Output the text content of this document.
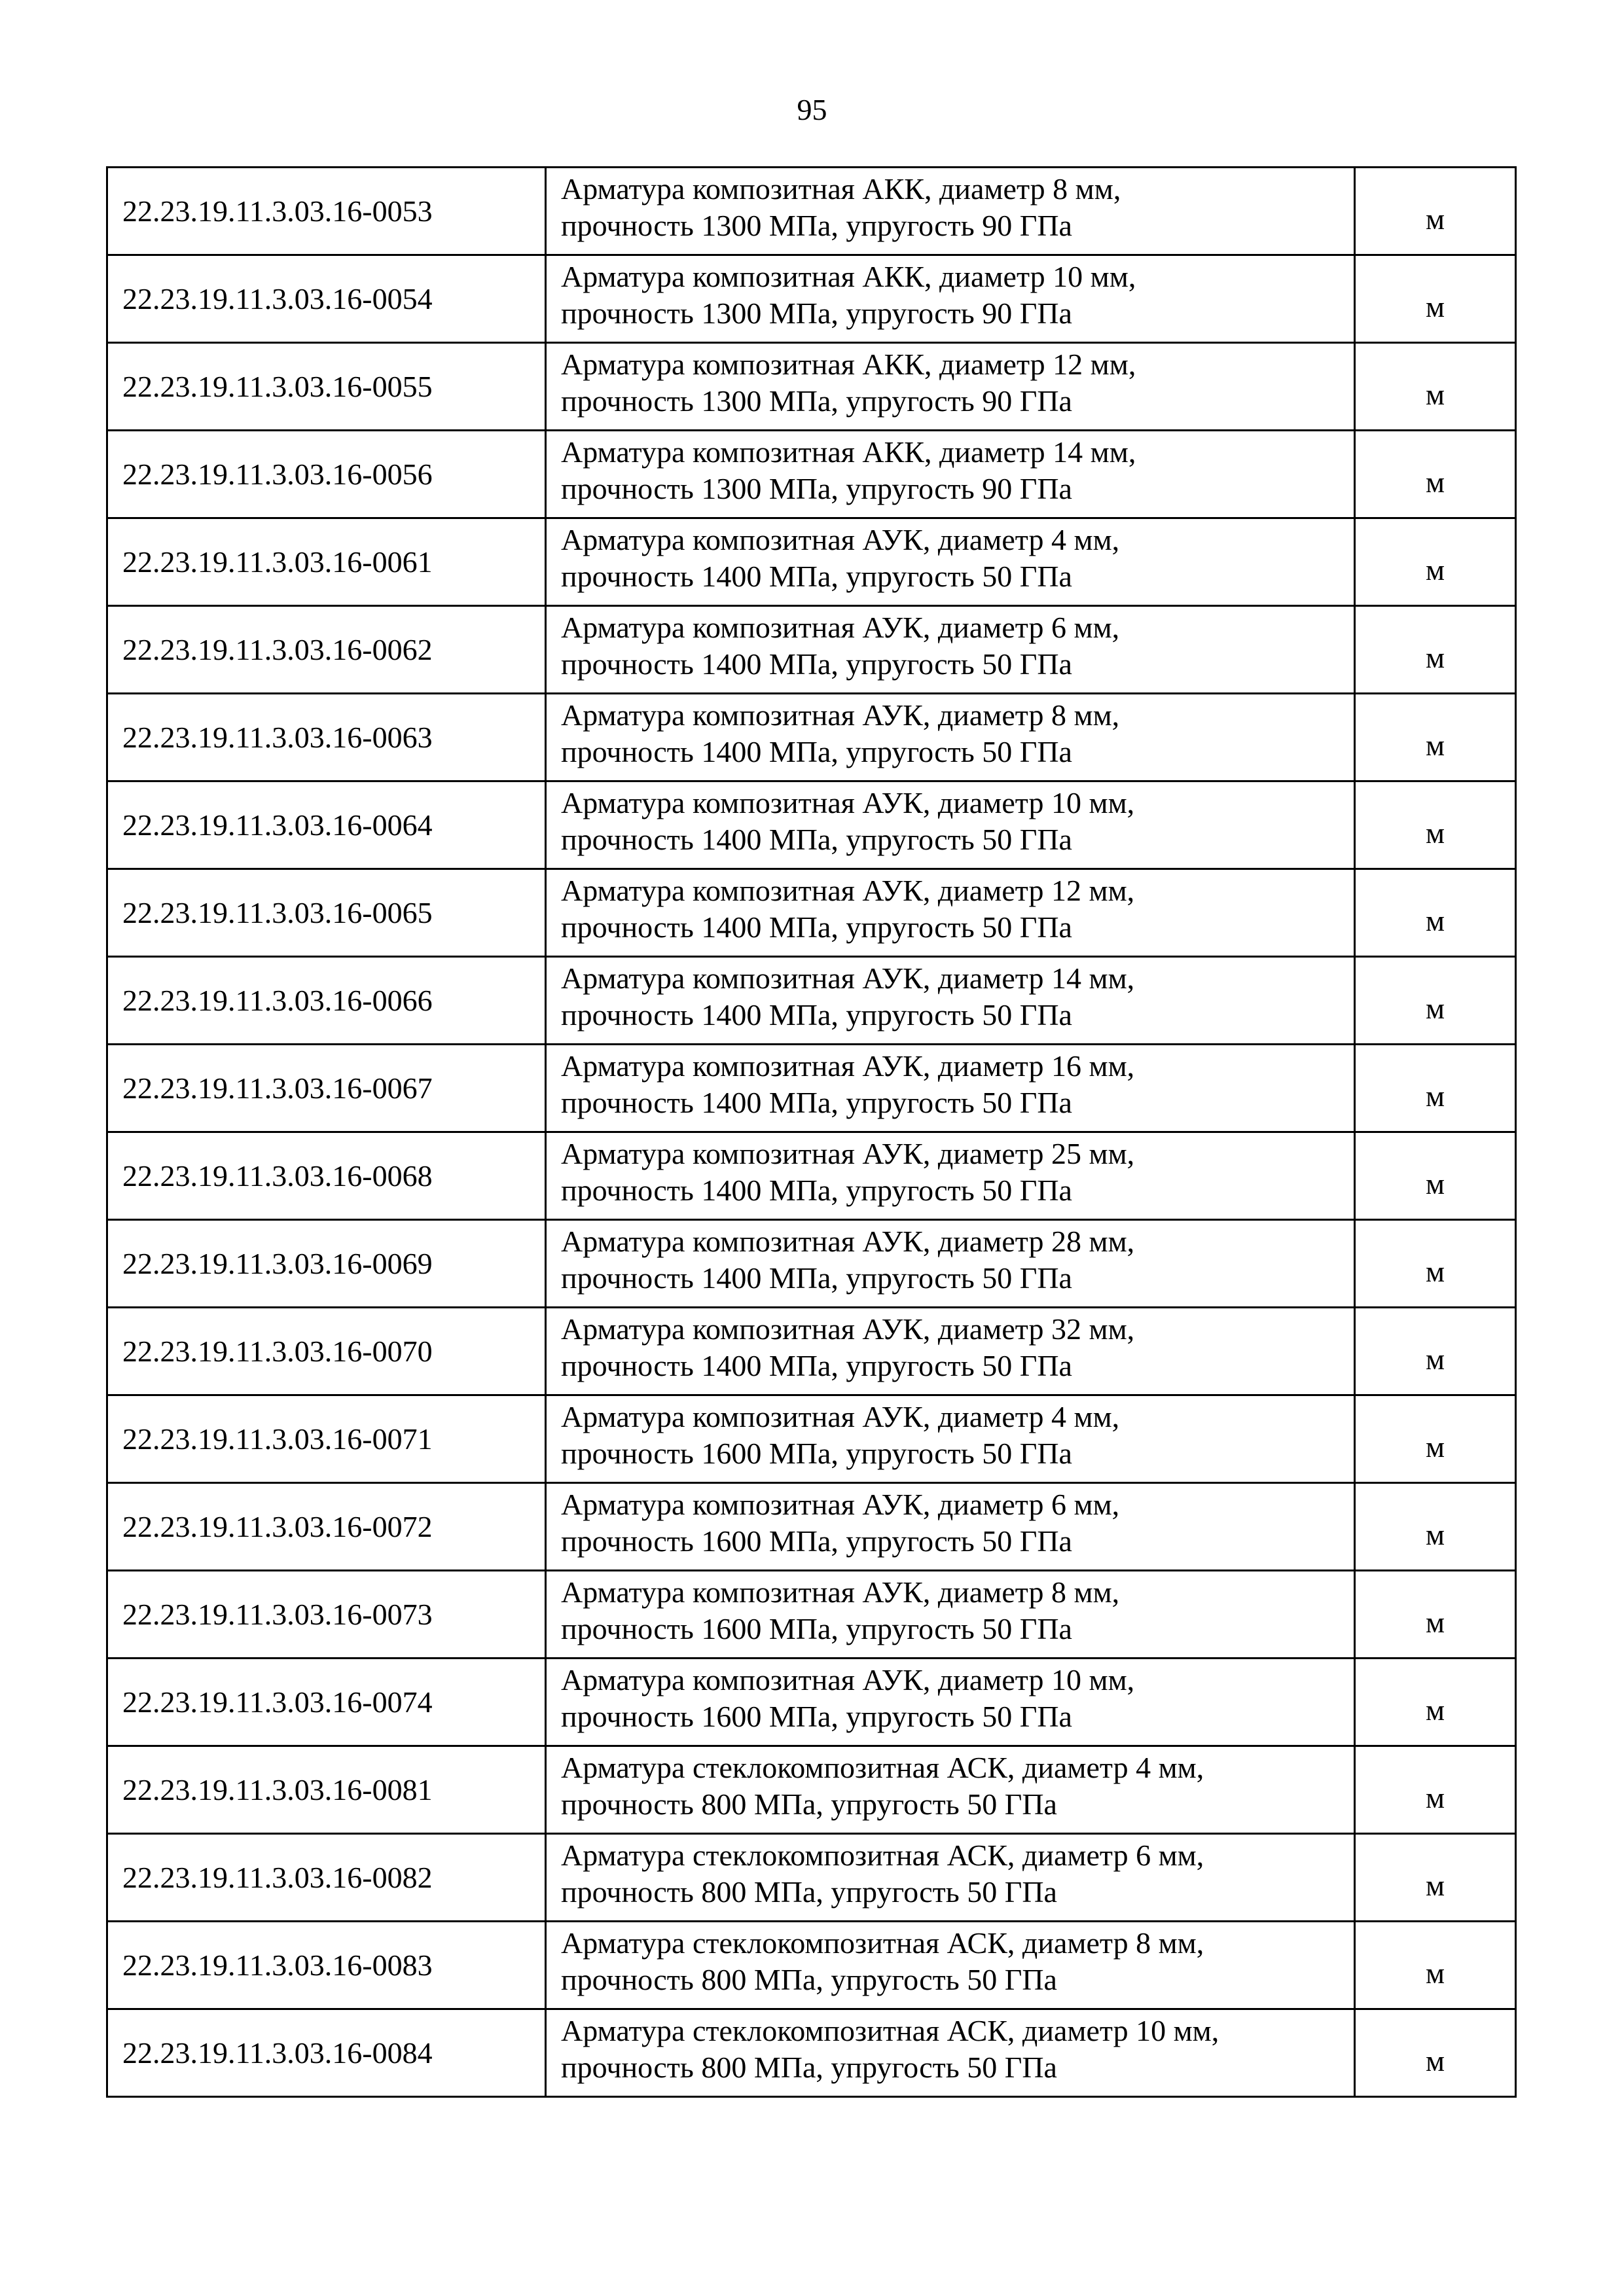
95
22.23.19.11.3.03.16-0053	Арматура композитная АКК, диаметр 8 мм,
прочность 1300 МПа, упругость 90 ГПа	м
22.23.19.11.3.03.16-0054	Арматура композитная АКК, диаметр 10 мм,
прочность 1300 МПа, упругость 90 ГПа	м
22.23.19.11.3.03.16-0055	Арматура композитная АКК, диаметр 12 мм,
прочность 1300 МПа, упругость 90 ГПа	м
22.23.19.11.3.03.16-0056	Арматура композитная АКК, диаметр 14 мм,
прочность 1300 МПа, упругость 90 ГПа	м
22.23.19.11.3.03.16-0061	Арматура композитная АУК, диаметр 4 мм,
прочность 1400 МПа, упругость 50 ГПа	м
22.23.19.11.3.03.16-0062	Арматура композитная АУК, диаметр 6 мм,
прочность 1400 МПа, упругость 50 ГПа	м
22.23.19.11.3.03.16-0063	Арматура композитная АУК, диаметр 8 мм,
прочность 1400 МПа, упругость 50 ГПа	м
22.23.19.11.3.03.16-0064	Арматура композитная АУК, диаметр 10 мм,
прочность 1400 МПа, упругость 50 ГПа	м
22.23.19.11.3.03.16-0065	Арматура композитная АУК, диаметр 12 мм,
прочность 1400 МПа, упругость 50 ГПа	м
22.23.19.11.3.03.16-0066	Арматура композитная АУК, диаметр 14 мм,
прочность 1400 МПа, упругость 50 ГПа	м
22.23.19.11.3.03.16-0067	Арматура композитная АУК, диаметр 16 мм,
прочность 1400 МПа, упругость 50 ГПа	м
22.23.19.11.3.03.16-0068	Арматура композитная АУК, диаметр 25 мм,
прочность 1400 МПа, упругость 50 ГПа	м
22.23.19.11.3.03.16-0069	Арматура композитная АУК, диаметр 28 мм,
прочность 1400 МПа, упругость 50 ГПа	м
22.23.19.11.3.03.16-0070	Арматура композитная АУК, диаметр 32 мм,
прочность 1400 МПа, упругость 50 ГПа	м
22.23.19.11.3.03.16-0071	Арматура композитная АУК, диаметр 4 мм,
прочность 1600 МПа, упругость 50 ГПа	м
22.23.19.11.3.03.16-0072	Арматура композитная АУК, диаметр 6 мм,
прочность 1600 МПа, упругость 50 ГПа	м
22.23.19.11.3.03.16-0073	Арматура композитная АУК, диаметр 8 мм,
прочность 1600 МПа, упругость 50 ГПа	м
22.23.19.11.3.03.16-0074	Арматура композитная АУК, диаметр 10 мм,
прочность 1600 МПа, упругость 50 ГПа	м
22.23.19.11.3.03.16-0081	Арматура стеклокомпозитная АСК, диаметр 4 мм,
прочность 800 МПа, упругость 50 ГПа	м
22.23.19.11.3.03.16-0082	Арматура стеклокомпозитная АСК, диаметр 6 мм,
прочность 800 МПа, упругость 50 ГПа	м
22.23.19.11.3.03.16-0083	Арматура стеклокомпозитная АСК, диаметр 8 мм,
прочность 800 МПа, упругость 50 ГПа	м
22.23.19.11.3.03.16-0084	Арматура стеклокомпозитная АСК, диаметр 10 мм,
прочность 800 МПа, упругость 50 ГПа	м
